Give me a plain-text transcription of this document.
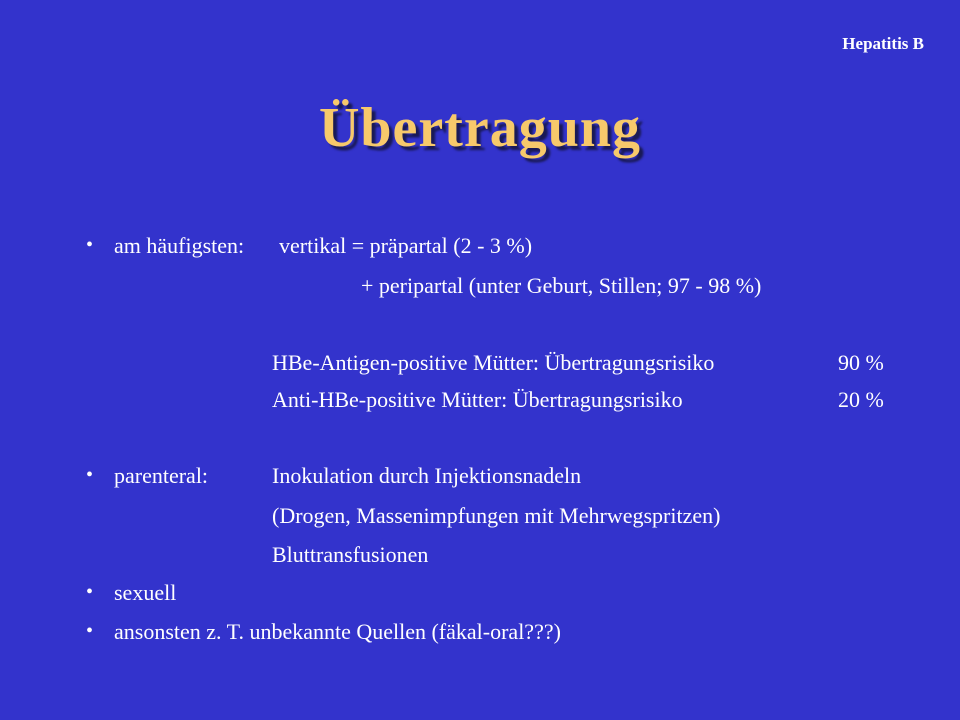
Hepatitis B
Übertragung
• am häufigsten: vertikal = präpartal (2 - 3 %)
+ peripartal (unter Geburt, Stillen; 97 - 98 %)
HBe-Antigen-positive Mütter: Übertragungsrisiko	90 %
Anti-HBe-positive Mütter: Übertragungsrisiko	20 %
• parenteral:	Inokulation durch Injektionsnadeln
(Drogen, Massenimpfungen mit Mehrwegspritzen)
Bluttransfusionen
• sexuell
• ansonsten z. T. unbekannte Quellen (fäkal-oral???)
